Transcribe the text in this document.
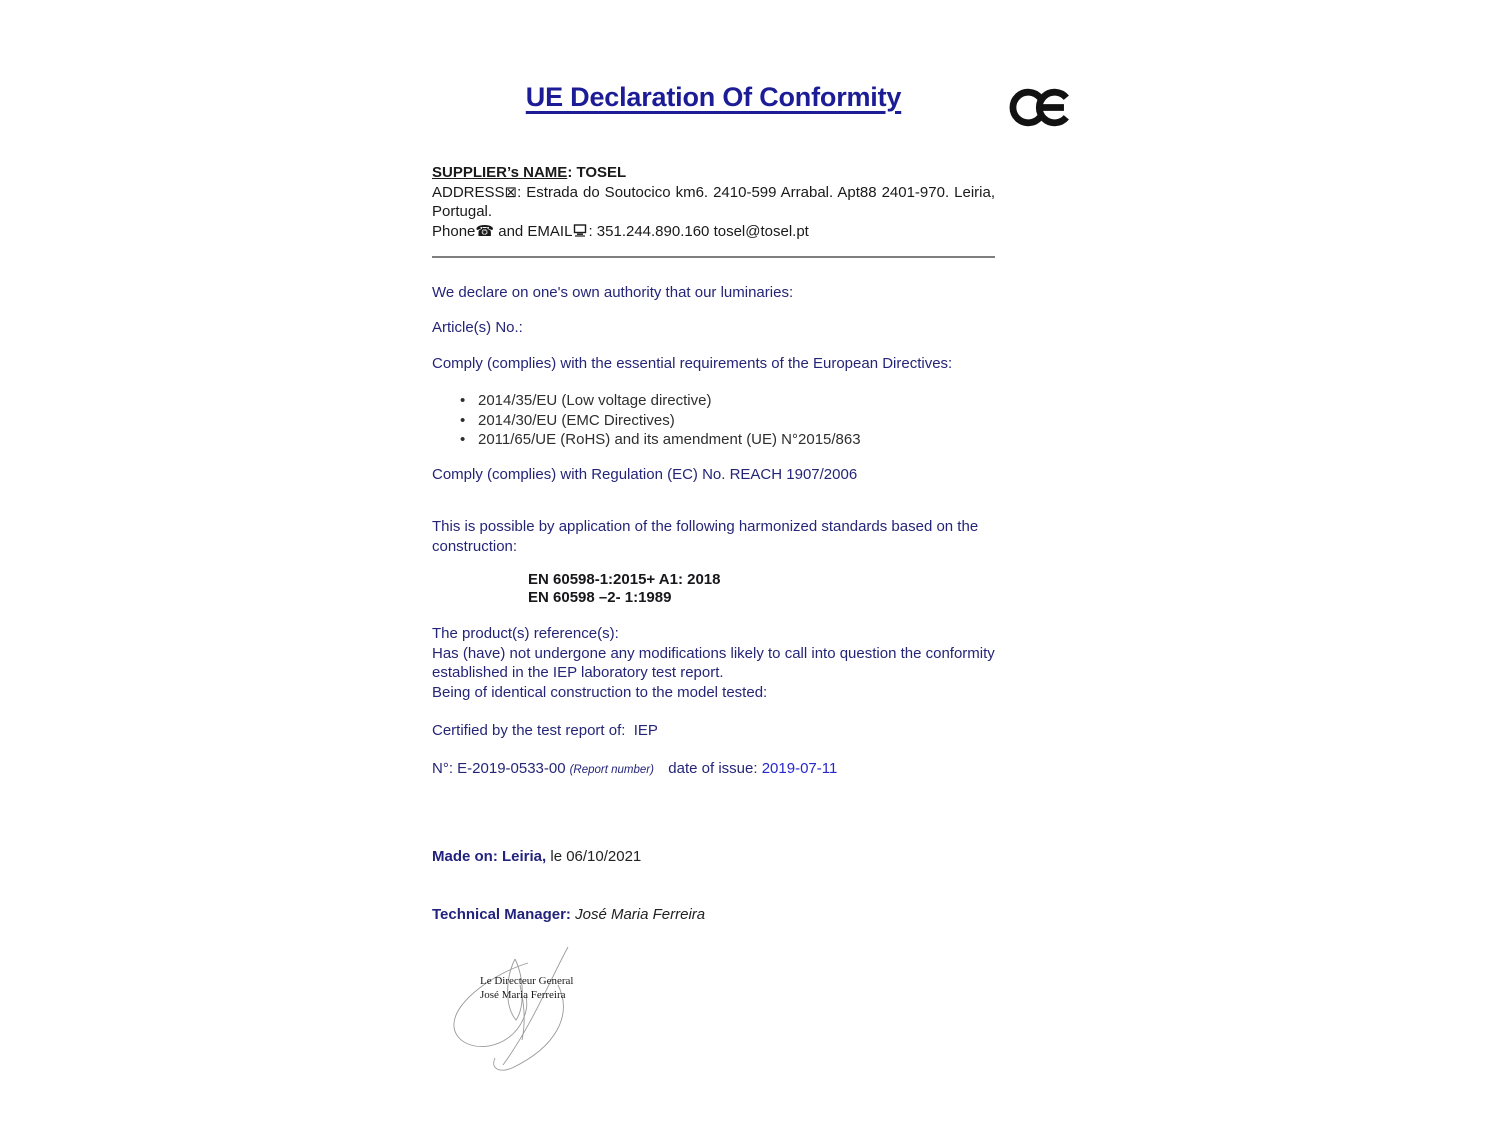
UE Declaration Of Conformity
SUPPLIER’s NAME: TOSEL
ADDRESS⊠: Estrada do Soutocico km6. 2410-599 Arrabal. Apt88 2401-970. Leiria, Portugal.
Phone☎ and EMAIL : 351.244.890.160 tosel@tosel.pt
We declare on one's own authority that our luminaries:
Article(s) No.:
Comply (complies) with the essential requirements of the European Directives:
• 2014/35/EU (Low voltage directive)
• 2014/30/EU (EMC Directives)
• 2011/65/UE (RoHS) and its amendment (UE) N°2015/863
Comply (complies) with Regulation (EC) No. REACH 1907/2006
This is possible by application of the following harmonized standards based on the construction:
EN 60598-1:2015+ A1: 2018
EN 60598 –2- 1:1989
The product(s) reference(s):
Has (have) not undergone any modifications likely to call into question the conformity established in the IEP laboratory test report.
Being of identical construction to the model tested:
Certified by the test report of:  IEP
N°: E-2019-0533-00 (Report number)  date of issue: 2019-07-11
Made on: Leiria, le 06/10/2021
Technical Manager: José Maria Ferreira
Le Directeur General
José Maria Ferreira
